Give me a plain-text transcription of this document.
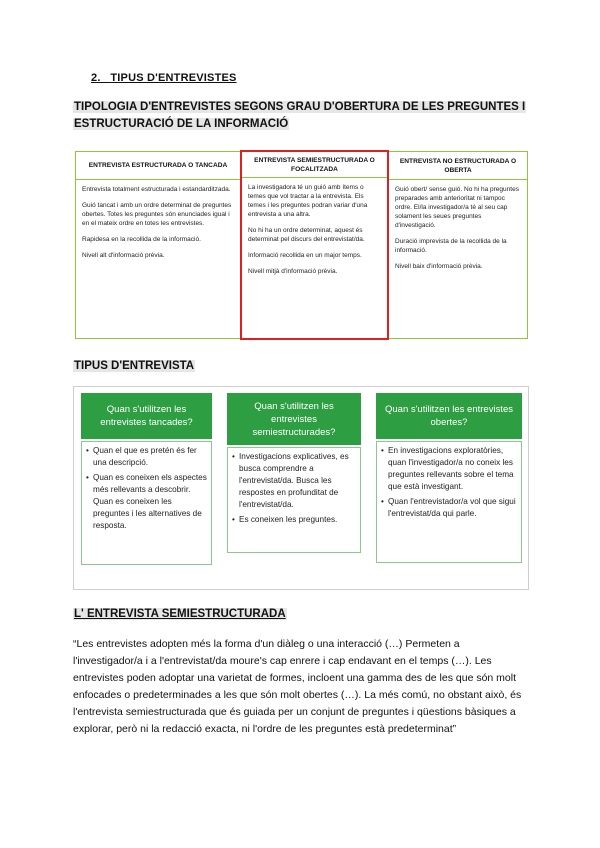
2. TIPUS D'ENTREVISTES
TIPOLOGIA D'ENTREVISTES SEGONS GRAU D'OBERTURA DE LES PREGUNTES I
ESTRUCTURACIÓ DE LA INFORMACIÓ
ENTREVISTA ESTRUCTURADA O TANCADA

Entrevista totalment estructurada i estandarditzada.

Guió tancat i amb un ordre determinat de preguntes obertes. Totes les preguntes són enunciades igual i en el mateix ordre en totes les entrevistes.

Rapidesa en la recollida de la informació.

Nivell alt d'informació prèvia.

ENTREVISTA SEMIESTRUCTURADA O FOCALITZADA

La investigadora té un guió amb ítems o temes que vol tractar a la entrevista. Els temes i les preguntes podran variar d'una entrevista a una altra.

No hi ha un ordre determinat, aquest és determinat pel discurs del entrevistat/da.

Informació recollida en un major temps.

Nivell mitjà d'informació prèvia.

ENTREVISTA NO ESTRUCTURADA O OBERTA

Guió obert/ sense guió. No hi ha preguntes preparades amb anterioritat ni tampoc ordre. El/la investigador/a té al seu cap solament les seues preguntes d'investigació.

Duració imprevista de la recollida de la informació.

Nivell baix d'informació prèvia.

TIPUS D'ENTREVISTA
Quan s'utilitzen les entrevistes tancades?
• Quan el que es pretén és fer una descripció.
• Quan es coneixen els aspectes més rellevants a descobrir. Quan es coneixen les preguntes i les alternatives de resposta.
Quan s'utilitzen les entrevistes semiestructurades?
• Investigacions explicatives, es busca comprendre a l'entrevistat/da. Busca les respostes en profunditat de l'entrevistat/da.
• Es coneixen les preguntes.
Quan s'utilitzen les entrevistes obertes?
• En investigacions exploratòries, quan l'investigador/a no coneix les preguntes rellevants sobre el tema que està investigant.
• Quan l'entrevistador/a vol que sigui l'entrevistat/da qui parle.
L' ENTREVISTA SEMIESTRUCTURADA
“Les entrevistes adopten més la forma d'un diàleg o una interacció (…) Permeten a l'investigador/a i a l'entrevistat/da moure's cap enrere i cap endavant en el temps (…). Les entrevistes poden adoptar una varietat de formes, incloent una gamma des de les que són molt enfocades o predeterminades a les que són molt obertes (…). La més comú, no obstant això, és l'entrevista semiestructurada que és guiada per un conjunt de preguntes i qüestions bàsiques a explorar, però ni la redacció exacta, ni l'ordre de les preguntes està predeterminat”
